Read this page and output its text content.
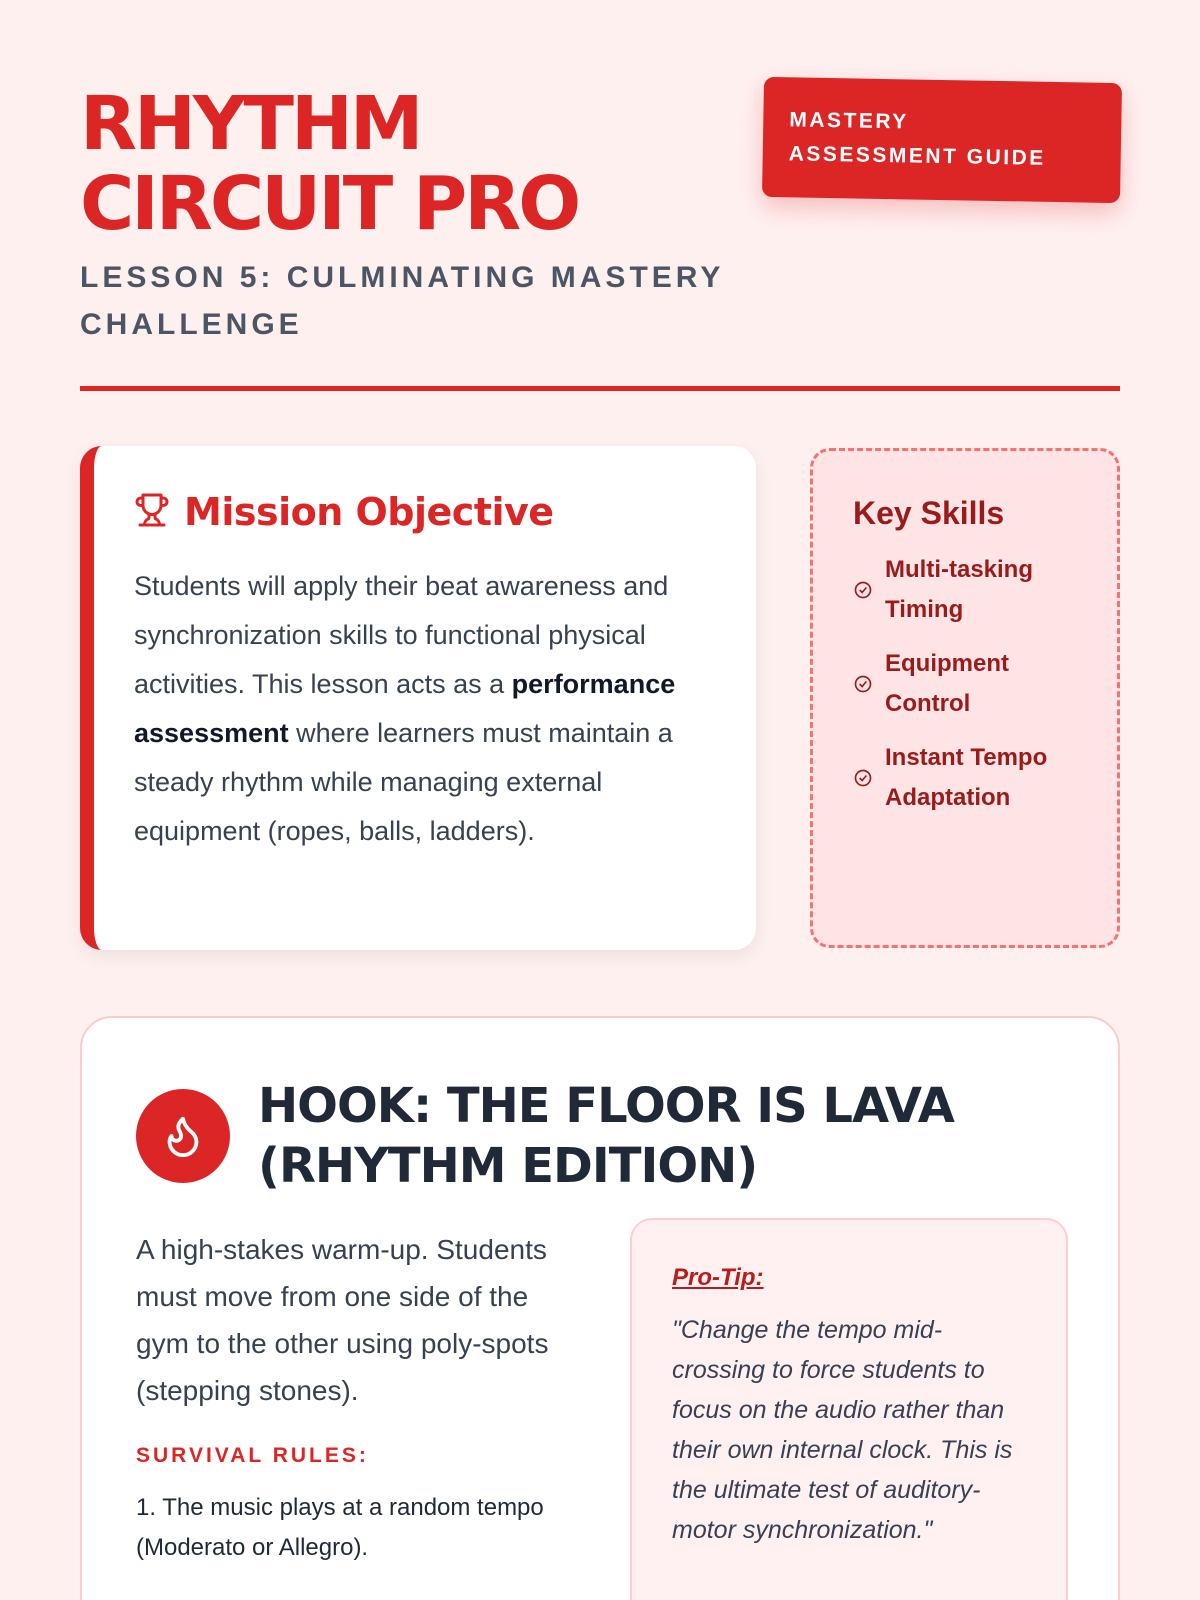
RHYTHM
CIRCUIT PRO
MASTERY
ASSESSMENT GUIDE
LESSON 5: CULMINATING MASTERY CHALLENGE
Mission Objective

Students will apply their beat awareness and synchronization skills to functional physical activities. This lesson acts as a performance assessment where learners must maintain a steady rhythm while managing external equipment (ropes, balls, ladders).

Key Skills
Multi-tasking Timing
Equipment Control
Instant Tempo Adaptation
HOOK: THE FLOOR IS LAVA (RHYTHM EDITION)

A high-stakes warm-up. Students must move from one side of the gym to the other using poly-spots (stepping stones).

SURVIVAL RULES:
1. The music plays at a random tempo (Moderato or Allegro).
Pro-Tip:
"Change the tempo mid-crossing to force students to focus on the audio rather than their own internal clock. This is the ultimate test of auditory-motor synchronization."
